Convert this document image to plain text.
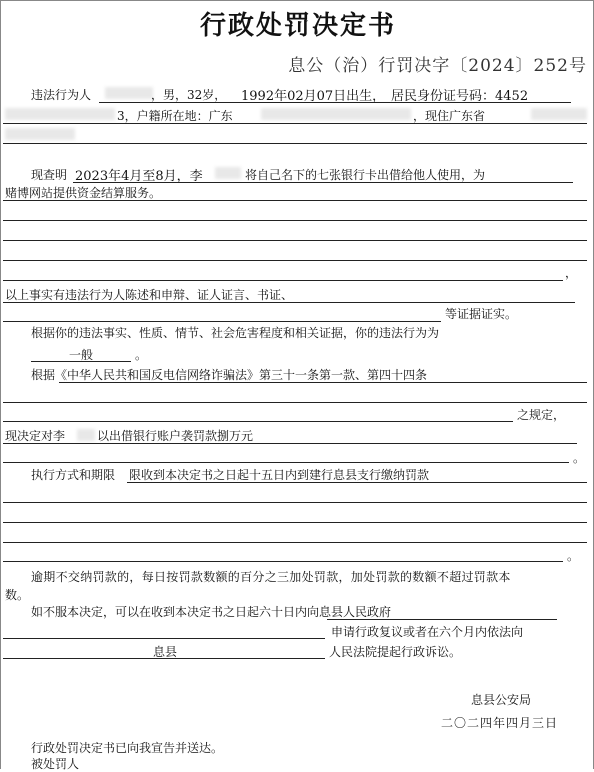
行政处罚决定书
息公（治）行罚决字〔2024〕252号
违法行为人	，男，32岁， 1992年02月07日出生， 居民身份证号码：4452
3，户籍所在地：广东	，现住广东省
现查明 2023年4月至8月，李	将自己名下的七张银行卡出借给他人使用，为
赌博网站提供资金结算服务。
，
以上事实有违法行为人陈述和申辩、证人证言、书证、
等证据证实。
根据你的违法事实、性质、情节、社会危害程度和相关证据，你的违法行为为
一般	。
根据《中华人民共和国反电信网络诈骗法》第三十一条第一款、第四十四条
之规定，
现决定对李	以出借银行账户袭罚款捌万元
。
执行方式和期限 限收到本决定书之日起十五日内到建行息县支行缴纳罚款
。
逾期不交纳罚款的，每日按罚款数额的百分之三加处罚款，加处罚款的数额不超过罚款本
数。
如不服本决定，可以在收到本决定书之日起六十日内向息县人民政府
申请行政复议或者在六个月内依法向
息县	人民法院提起行政诉讼。
息县公安局
二〇二四年四月三日
行政处罚决定书已向我宣告并送达。
被处罚人
